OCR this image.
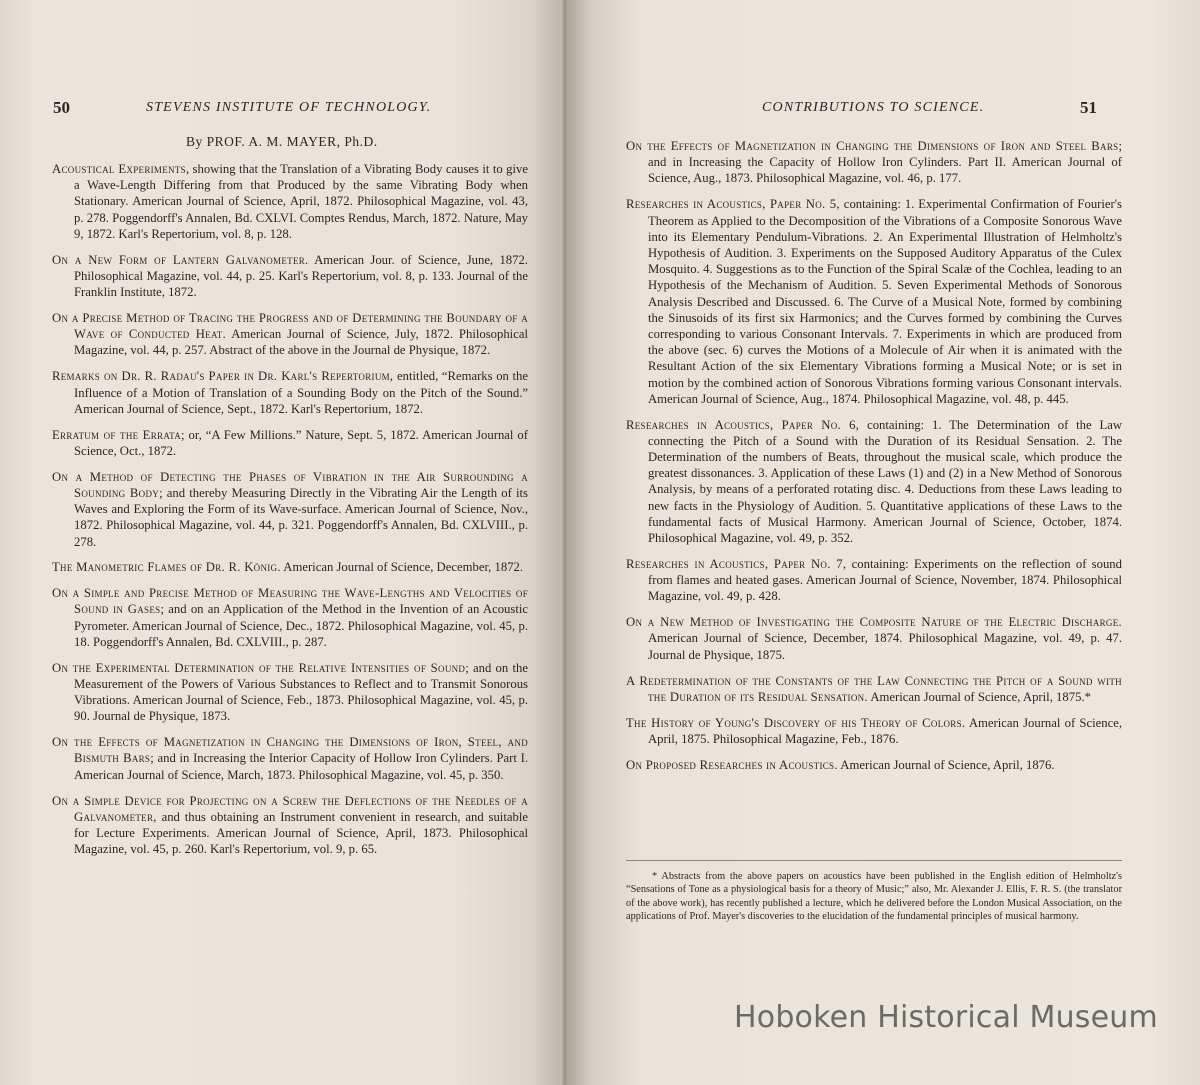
50	STEVENS INSTITUTE OF TECHNOLOGY.
By PROF. A. M. MAYER, Ph.D.

Acoustical Experiments, showing that the Translation of a Vibrating Body causes it to give a Wave-Length Differing from that Produced by the same Vibrating Body when Stationary. American Journal of Science, April, 1872. Philosophical Magazine, vol. 43, p. 278. Poggendorff's Annalen, Bd. CXLVI. Comptes Rendus, March, 1872. Nature, May 9, 1872. Karl's Repertorium, vol. 8, p. 128.

On a New Form of Lantern Galvanometer. American Jour. of Science, June, 1872. Philosophical Magazine, vol. 44, p. 25. Karl's Repertorium, vol. 8, p. 133. Journal of the Franklin Institute, 1872.

On a Precise Method of Tracing the Progress and of Determining the Boundary of a Wave of Conducted Heat. American Journal of Science, July, 1872. Philosophical Magazine, vol. 44, p. 257. Abstract of the above in the Journal de Physique, 1872.

Remarks on Dr. R. Radau's Paper in Dr. Karl's Repertorium, entitled, “Remarks on the Influence of a Motion of Translation of a Sounding Body on the Pitch of the Sound.” American Journal of Science, Sept., 1872. Karl's Repertorium, 1872.

Erratum of the Errata; or, “A Few Millions.” Nature, Sept. 5, 1872. American Journal of Science, Oct., 1872.

On a Method of Detecting the Phases of Vibration in the Air Surrounding a Sounding Body; and thereby Measuring Directly in the Vibrating Air the Length of its Waves and Exploring the Form of its Wave-surface. American Journal of Science, Nov., 1872. Philosophical Magazine, vol. 44, p. 321. Poggendorff's Annalen, Bd. CXLVIII., p. 278.

The Manometric Flames of Dr. R. König. American Journal of Science, December, 1872.

On a Simple and Precise Method of Measuring the Wave-Lengths and Velocities of Sound in Gases; and on an Application of the Method in the Invention of an Acoustic Pyrometer. American Journal of Science, Dec., 1872. Philosophical Magazine, vol. 45, p. 18. Poggendorff's Annalen, Bd. CXLVIII., p. 287.

On the Experimental Determination of the Relative Intensities of Sound; and on the Measurement of the Powers of Various Substances to Reflect and to Transmit Sonorous Vibrations. American Journal of Science, Feb., 1873. Philosophical Magazine, vol. 45, p. 90. Journal de Physique, 1873.

On the Effects of Magnetization in Changing the Dimensions of Iron, Steel, and Bismuth Bars; and in Increasing the Interior Capacity of Hollow Iron Cylinders. Part I. American Journal of Science, March, 1873. Philosophical Magazine, vol. 45, p. 350.

On a Simple Device for Projecting on a Screw the Deflections of the Needles of a Galvanometer, and thus obtaining an Instrument convenient in research, and suitable for Lecture Experiments. American Journal of Science, April, 1873. Philosophical Magazine, vol. 45, p. 260. Karl's Repertorium, vol. 9, p. 65.

CONTRIBUTIONS TO SCIENCE.	51

On the Effects of Magnetization in Changing the Dimensions of Iron and Steel Bars; and in Increasing the Capacity of Hollow Iron Cylinders. Part II. American Journal of Science, Aug., 1873. Philosophical Magazine, vol. 46, p. 177.

Researches in Acoustics, Paper No. 5, containing: 1. Experimental Confirmation of Fourier's Theorem as Applied to the Decomposition of the Vibrations of a Composite Sonorous Wave into its Elementary Pendulum-Vibrations. 2. An Experimental Illustration of Helmholtz's Hypothesis of Audition. 3. Experiments on the Supposed Auditory Apparatus of the Culex Mosquito. 4. Suggestions as to the Function of the Spiral Scalæ of the Cochlea, leading to an Hypothesis of the Mechanism of Audition. 5. Seven Experimental Methods of Sonorous Analysis Described and Discussed. 6. The Curve of a Musical Note, formed by combining the Sinusoids of its first six Harmonics; and the Curves formed by combining the Curves corresponding to various Consonant Intervals. 7. Experiments in which are produced from the above (sec. 6) curves the Motions of a Molecule of Air when it is animated with the Resultant Action of the six Elementary Vibrations forming a Musical Note; or is set in motion by the combined action of Sonorous Vibrations forming various Consonant intervals. American Journal of Science, Aug., 1874. Philosophical Magazine, vol. 48, p. 445.

Researches in Acoustics, Paper No. 6, containing: 1. The Determination of the Law connecting the Pitch of a Sound with the Duration of its Residual Sensation. 2. The Determination of the numbers of Beats, throughout the musical scale, which produce the greatest dissonances. 3. Application of these Laws (1) and (2) in a New Method of Sonorous Analysis, by means of a perforated rotating disc. 4. Deductions from these Laws leading to new facts in the Physiology of Audition. 5. Quantitative applications of these Laws to the fundamental facts of Musical Harmony. American Journal of Science, October, 1874. Philosophical Magazine, vol. 49, p. 352.

Researches in Acoustics, Paper No. 7, containing: Experiments on the reflection of sound from flames and heated gases. American Journal of Science, November, 1874. Philosophical Magazine, vol. 49, p. 428.

On a New Method of Investigating the Composite Nature of the Electric Discharge. American Journal of Science, December, 1874. Philosophical Magazine, vol. 49, p. 47. Journal de Physique, 1875.

A Redetermination of the Constants of the Law Connecting the Pitch of a Sound with the Duration of its Residual Sensation. American Journal of Science, April, 1875.*

The History of Young's Discovery of his Theory of Colors. American Journal of Science, April, 1875. Philosophical Magazine, Feb., 1876.

On Proposed Researches in Acoustics. American Journal of Science, April, 1876.

* Abstracts from the above papers on acoustics have been published in the English edition of Helmholtz's “Sensations of Tone as a physiological basis for a theory of Music;” also, Mr. Alexander J. Ellis, F. R. S. (the translator of the above work), has recently published a lecture, which he delivered before the London Musical Association, on the applications of Prof. Mayer's discoveries to the elucidation of the fundamental principles of musical harmony.
Hoboken Historical Museum
